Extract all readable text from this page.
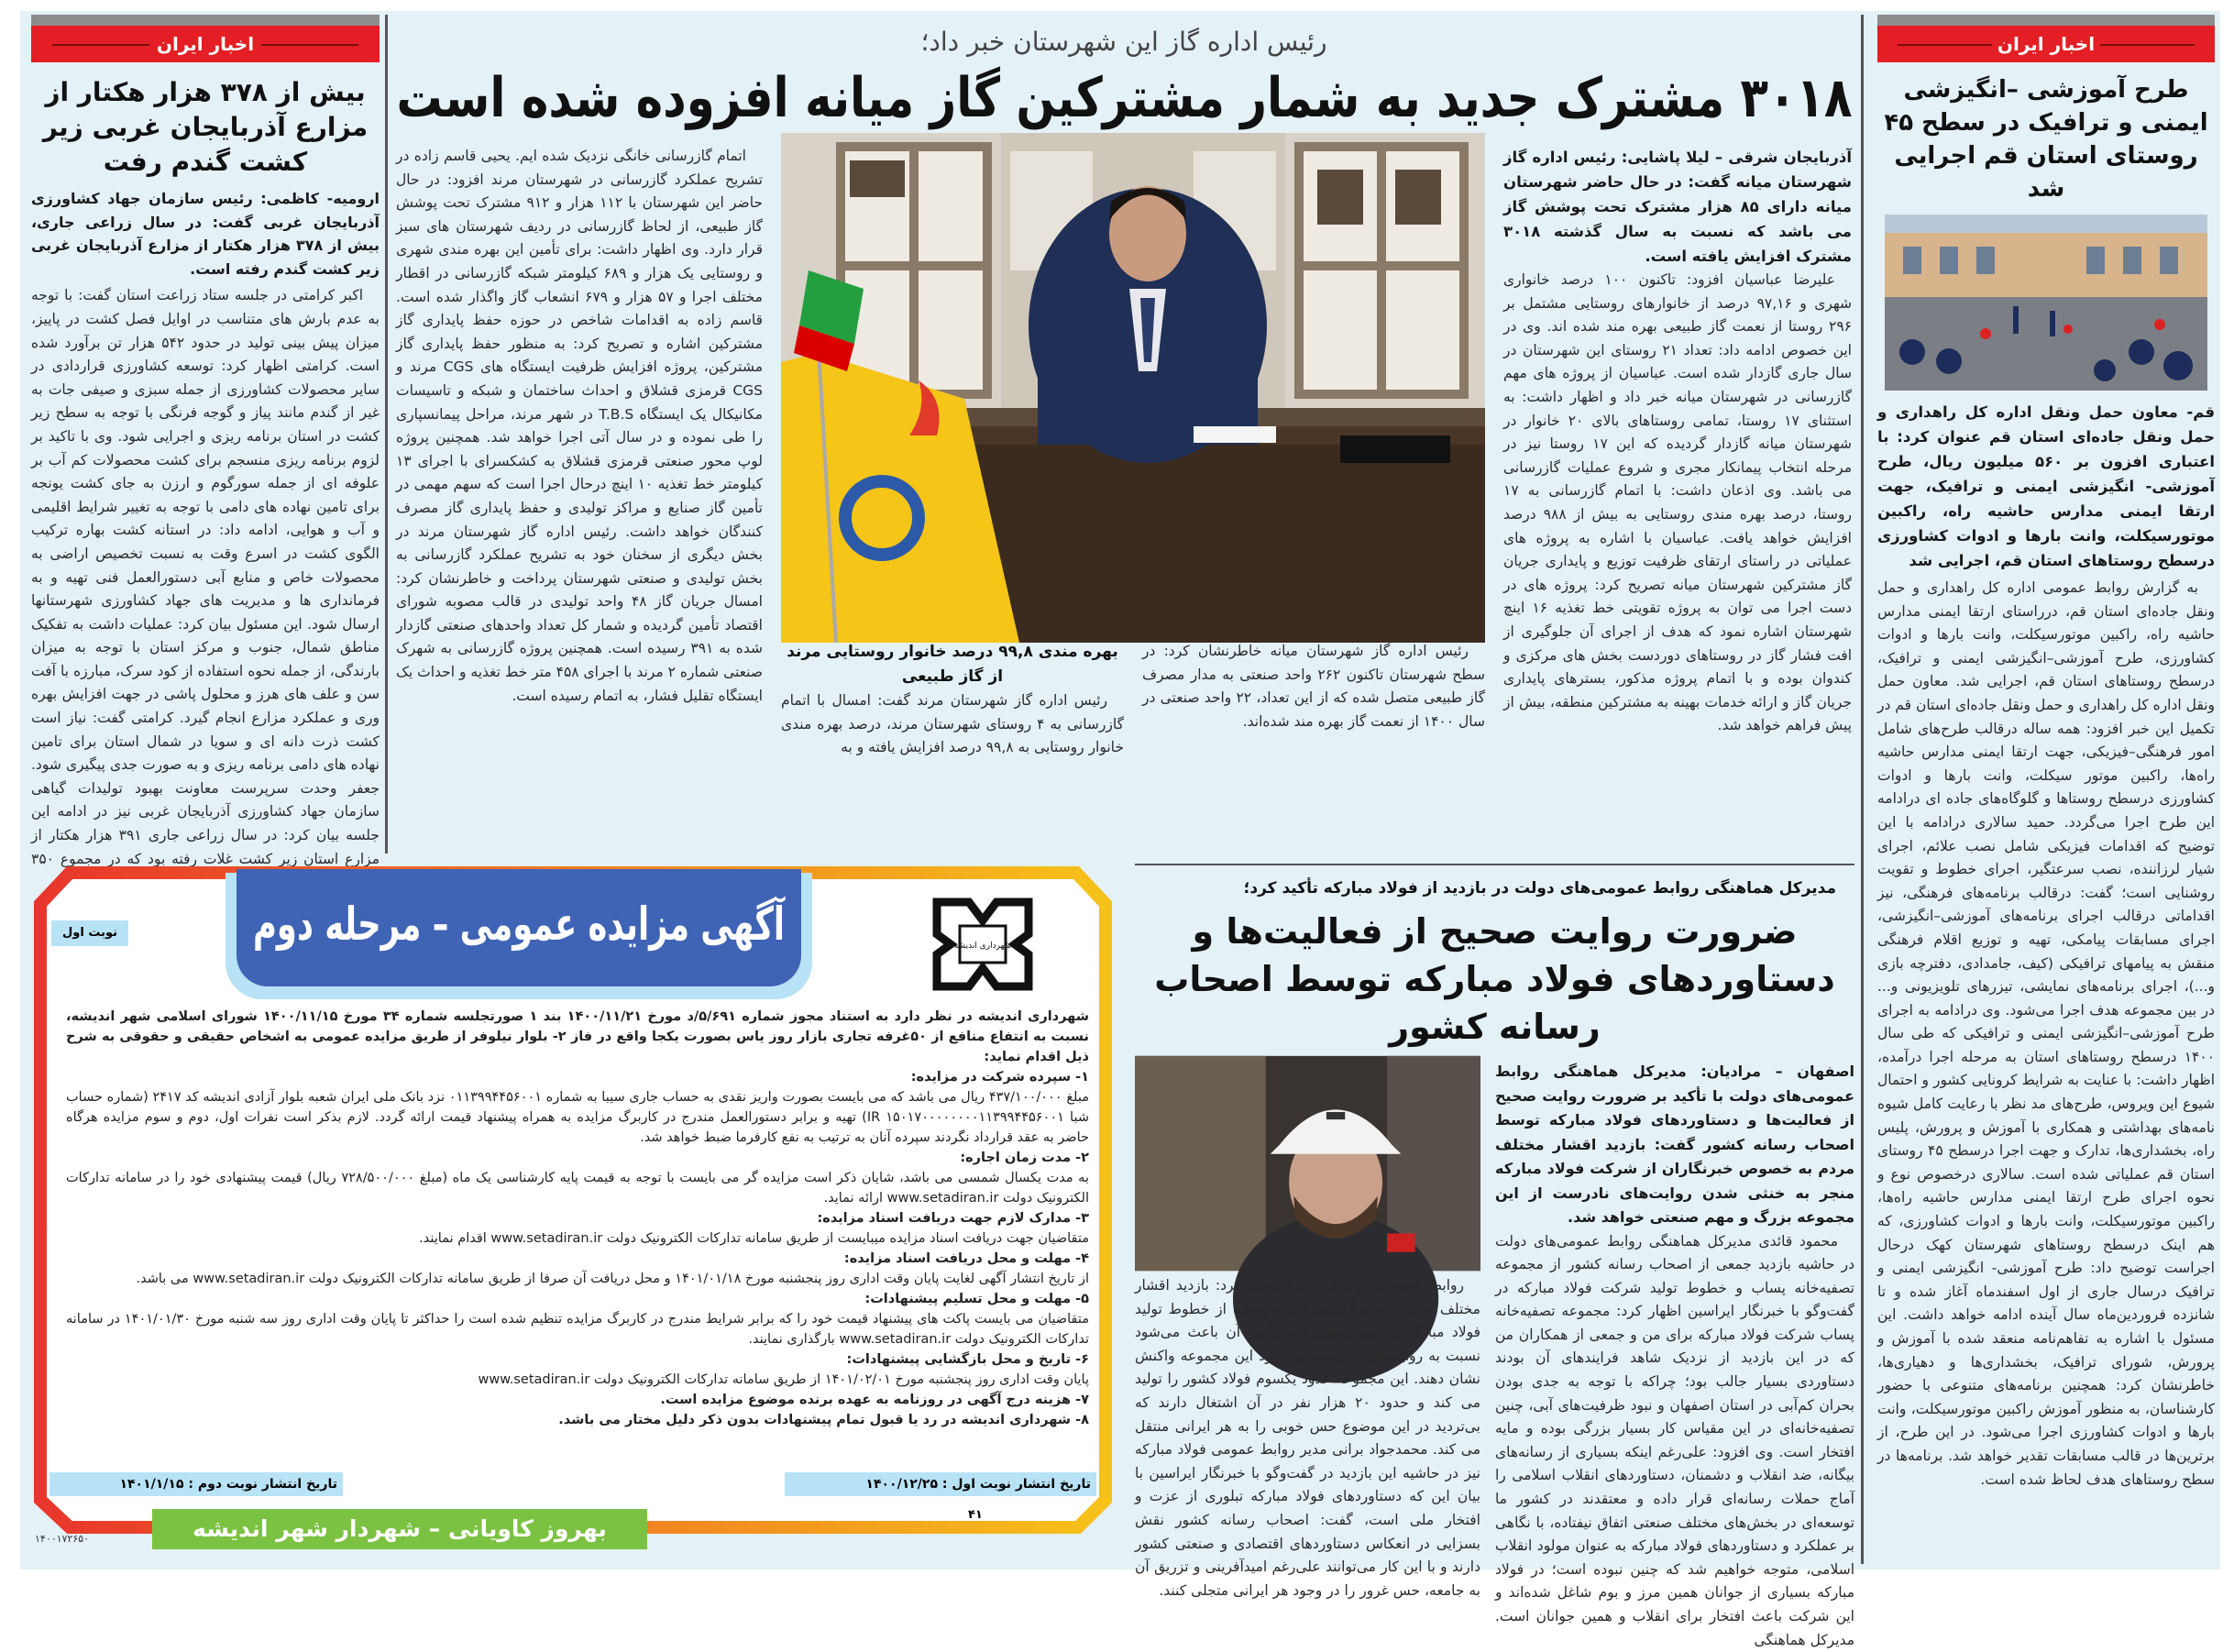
اخبار ایران
بیش از ۳۷۸ هزار هکتار از مزارع آذربایجان غربی زیر کشت گندم رفت
ارومیه- کاظمی: رئیس سازمان جهاد کشاورزی آذربایجان غربی گفت: در سال زراعی جاری، بیش از ۳۷۸ هزار هکتار از مزارع آذربایجان غربی زیر کشت گندم رفته است.

اکبر کرامتی در جلسه ستاد زراعت استان گفت: با توجه به عدم بارش های متناسب در اوایل فصل کشت در پاییز، میزان پیش بینی تولید در حدود ۵۴۲ هزار تن برآورد شده است. کرامتی اظهار کرد: توسعه کشاورزی قراردادی در سایر محصولات کشاورزی از جمله سبزی و صیفی جات به غیر از گندم مانند پیاز و گوجه فرنگی با توجه به سطح زیر کشت در استان برنامه ریزی و اجرایی شود. وی با تاکید بر لزوم برنامه ریزی منسجم برای کشت محصولات کم آب بر علوفه ای از جمله سورگوم و ارزن به جای کشت یونجه برای تامین نهاده های دامی با توجه به تغییر شرایط اقلیمی و آب و هوایی، ادامه داد: در استانه کشت بهاره ترکیب الگوی کشت در اسرع وقت به نسبت تخصیص اراضی به محصولات خاص و منابع آبی دستورالعمل فنی تهیه و به فرمانداری ها و مدیریت های جهاد کشاورزی شهرستانها ارسال شود. این مسئول بیان کرد: عملیات داشت به تفکیک مناطق شمال، جنوب و مرکز استان با توجه به میزان بارندگی، از جمله نحوه استفاده از کود سرک، مبارزه با آفت سن و علف های هرز و محلول پاشی در جهت افزایش بهره وری و عملکرد مزارع انجام گیرد. کرامتی گفت: نیاز است کشت ذرت دانه ای و سویا در شمال استان برای تامین نهاده های دامی برنامه ریزی و به صورت جدی پیگیری شود. جعفر وحدت سرپرست معاونت بهبود تولیدات گیاهی سازمان جهاد کشاورزی آذربایجان غربی نیز در ادامه این جلسه بیان کرد: در سال زراعی جاری ۳۹۱ هزار هکتار از مزارع استان زیر کشت غلات رفته بود که در مجموع ۳۵۰

رئیس اداره گاز این شهرستان خبر داد؛
۳۰۱۸ مشترک جدید به شمار مشترکین گاز میانه افزوده شده است
آذربایجان شرقی – لیلا پاشایی: رئیس اداره گاز شهرستان میانه گفت: در حال حاضر شهرستان میانه دارای ۸۵ هزار مشترک تحت پوشش گاز می باشد که نسبت به سال گذشته ۳۰۱۸ مشترک افزایش یافته است.

علیرضا عباسیان افزود: تاکنون ۱۰۰ درصد خانواری شهری و ۹۷,۱۶ درصد از خانوارهای روستایی مشتمل بر ۲۹۶ روستا از نعمت گاز طبیعی بهره مند شده اند. وی در این خصوص ادامه داد: تعداد ۲۱ روستای این شهرستان در سال جاری گازدار شده است. عباسیان از پروژه های مهم گازرسانی در شهرستان میانه خبر داد و اظهار داشت: به استثنای ۱۷ روستا، تمامی روستاهای بالای ۲۰ خانوار در شهرستان میانه گازدار گردیده که این ۱۷ روستا نیز در مرحله انتخاب پیمانکار مجری و شروع عملیات گازرسانی می باشد. وی اذعان داشت: با اتمام گازرسانی به ۱۷ روستا، درصد بهره مندی روستایی به بیش از ۹۸۸ درصد افزایش خواهد یافت. عباسیان با اشاره به پروژه های عملیاتی در راستای ارتقای ظرفیت توزیع و پایداری جریان گاز مشترکین شهرستان میانه تصریح کرد: پروژه های در دست اجرا می توان به پروژه تقویتی خط تغذیه ۱۶ اینچ شهرستان اشاره نمود که هدف از اجرای آن جلوگیری از افت فشار گاز در روستاهای دوردست بخش های مرکزی و کندوان بوده و با اتمام پروژه مذکور، بسترهای پایداری جریان گاز و ارائه خدمات بهینه به مشترکین منطقه، بیش از پیش فراهم خواهد شد.

رئیس اداره گاز شهرستان میانه خاطرنشان کرد: در سطح شهرستان تاکنون ۲۶۲ واحد صنعتی به مدار مصرف گاز طبیعی متصل شده که از این تعداد، ۲۲ واحد صنعتی در سال ۱۴۰۰ از نعمت گاز بهره مند شده‌اند.

بهره مندی ۹۹,۸ درصد خانوار روستایی مرند از گاز طبیعی

رئیس اداره گاز شهرستان مرند گفت: امسال با اتمام گازرسانی به ۴ روستای شهرستان مرند، درصد بهره مندی خانوار روستایی به ۹۹,۸ درصد افزایش یافته و به

اتمام گازرسانی خانگی نزدیک شده ایم. یحیی قاسم زاده در تشریح عملکرد گازرسانی در شهرستان مرند افزود: در حال حاضر این شهرستان با ۱۱۲ هزار و ۹۱۲ مشترک تحت پوشش گاز طبیعی، از لحاظ گازرسانی در ردیف شهرستان های سبز قرار دارد. وی اظهار داشت: برای تأمین این بهره مندی شهری و روستایی یک هزار و ۶۸۹ کیلومتر شبکه گازرسانی در اقطار مختلف اجرا و ۵۷ هزار و ۶۷۹ انشعاب گاز واگذار شده است. قاسم زاده به اقدامات شاخص در حوزه حفظ پایداری گاز مشترکین اشاره و تصریح کرد: به منظور حفظ پایداری گاز مشترکین، پروژه افزایش ظرفیت ایستگاه های CGS مرند و CGS قرمزی قشلاق و احداث ساختمان و شبکه و تاسیسات مکانیکال یک ایستگاه T.B.S در شهر مرند، مراحل پیمانسپاری را طی نموده و در سال آتی اجرا خواهد شد. همچنین پروژه لوپ محور صنعتی قرمزی قشلاق به کشکسرای با اجرای ۱۳ کیلومتر خط تغذیه ۱۰ اینچ درحال اجرا است که سهم مهمی در تأمین گاز صنایع و مراکز تولیدی و حفظ پایداری گاز مصرف کنندگان خواهد داشت. رئیس اداره گاز شهرستان مرند در بخش دیگری از سخنان خود به تشریح عملکرد گازرسانی به بخش تولیدی و صنعتی شهرستان پرداخت و خاطرنشان کرد: امسال جریان گاز ۴۸ واحد تولیدی در قالب مصوبه شورای اقتصاد تأمین گردیده و شمار کل تعداد واحدهای صنعتی گازدار شده به ۳۹۱ رسیده است. همچنین پروژه گازرسانی به شهرک صنعتی شماره ۲ مرند با اجرای ۴۵۸ متر خط تغذیه و احداث یک ایستگاه تقلیل فشار، به اتمام رسیده است.

اخبار ایران
طرح آموزشی –انگیزشی ایمنی و ترافیک در سطح ۴۵ روستای استان قم اجرایی شد
قم- معاون حمل ونقل اداره کل راهداری و حمل ونقل جاده‌ای استان قم عنوان کرد: با اعتباری افزون بر ۵۶۰ میلیون ریال، طرح آموزشی- انگیزشی ایمنی و ترافیک، جهت ارتقا ایمنی مدارس حاشیه راه، راکبین موتورسیکلت، وانت بارها و ادوات کشاورزی درسطح روستاهای استان قم، اجرایی شد

به گزارش روابط عمومی اداره کل راهداری و حمل ونقل جاده‌ای استان قم، درراستای ارتقا ایمنی مدارس حاشیه راه، راکبین موتورسیکلت، وانت بارها و ادوات کشاورزی، طرح آموزشی–انگیزشی ایمنی و ترافیک، درسطح روستاهای استان قم، اجرایی شد. معاون حمل ونقل اداره کل راهداری و حمل ونقل جاده‌ای استان قم در تکمیل این خبر افزود: همه ساله درقالب طرح‌های شامل امور فرهنگی–فیزیکی، جهت ارتقا ایمنی مدارس حاشیه راه‌ها، راکبین موتور سیکلت، وانت بارها و ادوات کشاورزی درسطح روستاها و گلوگاه‌های جاده ای درادامه این طرح اجرا می‌گردد. حمید سالاری درادامه با این توضیح که اقدامات فیزیکی شامل نصب علائم، اجرای شیار لرزاننده، نصب سرعتگیر، اجرای خطوط و تقویت روشنایی است؛ گفت: درقالب برنامه‌های فرهنگی، نیز اقداماتی درقالب اجرای برنامه‌های آموزشی–انگیزشی، اجرای مسابقات پیامکی، تهیه و توزیع اقلام فرهنگی منقش به پیامهای ترافیکی (کیف، جامدادی، دفترچه بازی و...)، اجرای برنامه‌های نمایشی، تیزرهای تلویزیونی و... در بین مجموعه هدف اجرا می‌شود. وی درادامه به اجرای طرح آموزشی–انگیزشی ایمنی و ترافیکی که طی سال ۱۴۰۰ درسطح روستاهای استان به مرحله اجرا درآمده، اظهار داشت: با عنایت به شرایط کرونایی کشور و احتمال شیوع این ویروس، طرح‌های مد نظر با رعایت کامل شیوه نامه‌های بهداشتی و همکاری با آموزش و پرورش، پلیس راه، بخشداری‌ها، تدارک و جهت اجرا درسطح ۴۵ روستای استان قم عملیاتی شده است. سالاری درخصوص نوع و نحوه اجرای طرح ارتقا ایمنی مدارس حاشیه راه‌ها، راکبین موتورسیکلت، وانت بارها و ادوات کشاورزی، که هم اینک درسطح روستاهای شهرستان کهک درحال اجراست توضیح داد: طرح آموزشی- انگیزشی ایمنی و ترافیک درسال جاری از اول اسفندماه آغاز شده و تا شانزده فروردین‌ماه سال آینده ادامه خواهد داشت. این مسئول با اشاره به تفاهم‌نامه منعقد شده با آموزش و پرورش، شورای ترافیک، بخشداری‌ها و دهیاری‌ها، خاطرنشان کرد: همچنین برنامه‌های متنوعی با حضور کارشناسان، به منظور آموزش راکبین موتورسیکلت، وانت بارها و ادوات کشاورزی اجرا می‌شود. در این طرح، از برترین‌ها در قالب مسابقات تقدیر خواهد شد. برنامه‌ها در سطح روستاهای هدف لحاظ شده است.

مدیرکل هماهنگی روابط عمومی‌های دولت در بازدید از فولاد مبارکه تأکید کرد؛
ضرورت روایت صحیح از فعالیت‌ها و دستاوردهای فولاد مبارکه توسط اصحاب رسانه کشور
اصفهان – مرادیان: مدیرکل هماهنگی روابط عمومی‌های دولت با تأکید بر ضرورت روایت صحیح از فعالیت‌ها و دستاوردهای فولاد مبارکه توسط اصحاب رسانه کشور گفت: بازدید اقشار مختلف مردم به خصوص خبرنگاران از شرکت فولاد مبارکه منجر به خنثی شدن روایت‌های نادرست از این مجموعه بزرگ و مهم صنعتی خواهد شد.

محمود قائدی مدیرکل هماهنگی روابط عمومی‌های دولت در حاشیه بازدید جمعی از اصحاب رسانه کشور از مجموعه تصفیه‌خانه پساب و خطوط تولید شرکت فولاد مبارکه در گفت‌وگو با خبرنگار ایراسین اظهار کرد: مجموعه تصفیه‌خانه پساب شرکت فولاد مبارکه برای من و جمعی از همکاران من که در این بازدید از نزدیک شاهد فرایندهای آن بودند دستاوردی بسیار جالب بود؛ چراکه با توجه به جدی بودن بحران کم‌آبی در استان اصفهان و نبود ظرفیت‌های آبی، چنین تصفیه‌خانه‌ای در این مقیاس کار بسیار بزرگی بوده و مایه افتخار است. وی افزود: علی‌رغم اینکه بسیاری از رسانه‌های بیگانه، ضد انقلاب و دشمنان، دستاوردهای انقلاب اسلامی را آماج حملات رسانه‌ای قرار داده و معتقدند در کشور ما توسعه‌ای در بخش‌های مختلف صنعتی اتفاق نیفتاده، با نگاهی بر عملکرد و دستاوردهای فولاد مبارکه به عنوان مولود انقلاب اسلامی، متوجه خواهیم شد که چنین نبوده است؛ در فولاد مبارکه بسیاری از جوانان همین مرز و بوم شاغل شده‌اند و این شرکت باعث افتخار برای انقلاب و همین جوانان است. مدیرکل هماهنگی

روابط عمومی‌های دولت خاطرنشان کرد: بازدید اقشار مختلف مردم خصوصاً اهالی قلم و رسانه از خطوط تولید فولاد مبارکه و دستاوردهای افتخارآمیز آن باعث می‌شود نسبت به روایت‌های نادرست در مورد این مجموعه واکنش نشان دهند. این مجموعه حدود یکسوم فولاد کشور را تولید می کند و حدود ۲۰ هزار نفر در آن اشتغال دارند که بی‌تردید در این موضوع حس خوبی را به هر ایرانی منتقل می کند. محمدجواد برانی مدیر روابط عمومی فولاد مبارکه نیز در حاشیه این بازدید در گفت‌وگو با خبرنگار ایراسین با بیان این که دستاوردهای فولاد مبارکه تبلوری از عزت و افتخار ملی است، گفت: اصحاب رسانه کشور نقش بسزایی در انعکاس دستاوردهای اقتصادی و صنعتی کشور دارند و با این کار می‌توانند علی‌رغم امیدآفرینی و تزریق آن به جامعه، حس غرور را در وجود هر ایرانی متجلی کنند.

آگهی مزایده عمومی – مرحله دوم
نوبت اول
شهرداری اندیشه
شهرداری اندیشه در نظر دارد به استناد مجوز شماره ۵/۶۹۱/د مورخ ۱۴۰۰/۱۱/۲۱ بند ۱ صورتجلسه شماره ۳۴ مورخ ۱۴۰۰/۱۱/۱۵ شورای اسلامی شهر اندیشه، نسبت به انتفاع منافع از ۵۰غرفه تجاری بازار روز یاس بصورت یکجا واقع در فاز ۲- بلوار نیلوفر از طریق مزایده عمومی به اشخاص حقیقی و حقوقی به شرح ذیل اقدام نماید:
۱- سپرده شرکت در مزایده:
مبلغ ۴۳۷/۱۰۰/۰۰۰ ریال می باشد که می بایست بصورت واریز نقدی به حساب جاری سیبا به شماره ۰۱۱۳۹۹۴۴۵۶۰۰۱ نزد بانک ملی ایران شعبه بلوار آزادی اندیشه کد ۲۴۱۷ (شماره حساب شبا IR ۱۵۰۱۷۰۰۰۰۰۰۰۰۱۱۳۹۹۴۴۵۶۰۰۱) تهیه و برابر دستورالعمل مندرج در کاربرگ مزایده به همراه پیشنهاد قیمت ارائه گردد. لازم بذکر است نفرات اول، دوم و سوم مزایده هرگاه حاضر به عقد قرارداد نگردند سپرده آنان به ترتیب به نفع کارفرما ضبط خواهد شد.
۲- مدت زمان اجاره:
به مدت یکسال شمسی می باشد، شایان ذکر است مزایده گر می بایست با توجه به قیمت پایه کارشناسی یک ماه (مبلغ ۷۲۸/۵۰۰/۰۰۰ ریال) قیمت پیشنهادی خود را در سامانه تدارکات الکترونیک دولت www.setadiran.ir ارائه نماید.
۳- مدارک لازم جهت دریافت اسناد مزایده:
متقاضیان جهت دریافت اسناد مزایده میبایست از طریق سامانه تدارکات الکترونیک دولت www.setadiran.ir اقدام نمایند.
۴- مهلت و محل دریافت اسناد مزایده:
از تاریخ انتشار آگهی لغایت پایان وقت اداری روز پنجشنبه مورخ ۱۴۰۱/۰۱/۱۸ و محل دریافت آن صرفا از طریق سامانه تدارکات الکترونیک دولت www.setadiran.ir می باشد.
۵- مهلت و محل تسلیم پیشنهادات:
متقاضیان می بایست پاکت های پیشنهاد قیمت خود را که برابر شرایط مندرج در کاربرگ مزایده تنظیم شده است را حداکثر تا پایان وقت اداری روز سه شنبه مورخ ۱۴۰۱/۰۱/۳۰ در سامانه تدارکات الکترونیک دولت www.setadiran.ir بارگذاری نمایند.
۶- تاریخ و محل بازگشایی پیشنهادات:
پایان وقت اداری روز پنجشنبه مورخ ۱۴۰۱/۰۲/۰۱ از طریق سامانه تدارکات الکترونیک دولت www.setadiran.ir
۷- هزینه درج آگهی در روزنامه به عهده برنده موضوع مزایده است.
۸- شهرداری اندیشه در رد یا قبول تمام پیشنهادات بدون ذکر دلیل مختار می باشد.
تاریخ انتشار نوبت اول : ۱۴۰۰/۱۲/۲۵
تاریخ انتشار نوبت دوم : ۱۴۰۱/۱/۱۵
۴۱
بهروز کاویانی – شهردار شهر اندیشه
۱۴۰۰۱۷۲۶۵۰
